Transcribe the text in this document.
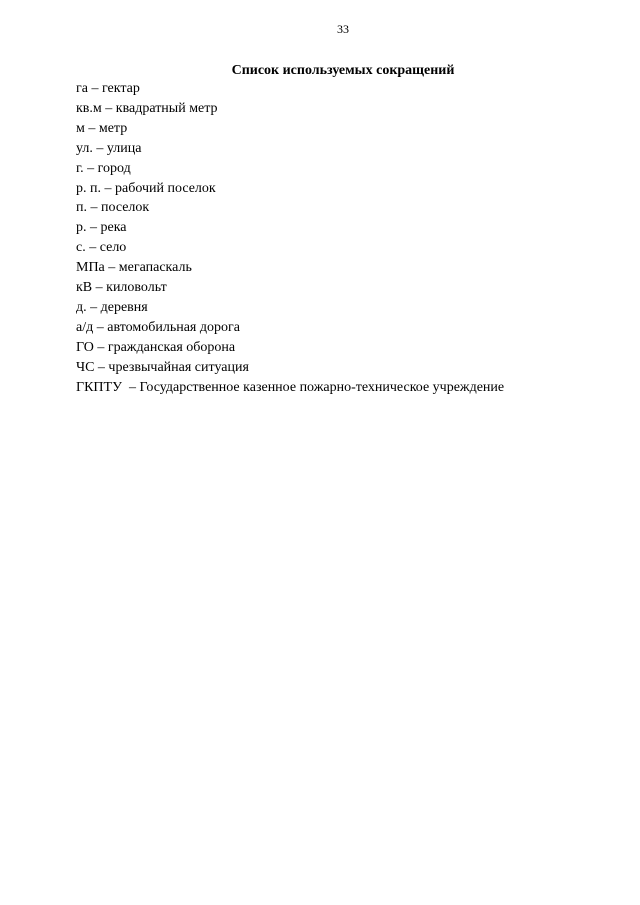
33
Список используемых сокращений
га – гектар
кв.м – квадратный метр
м – метр
ул. – улица
г. – город
р. п. – рабочий поселок
п. – поселок
р. – река
с. – село
МПа – мегапаскаль
кВ – киловольт
д. – деревня
а/д – автомобильная дорога
ГО – гражданская оборона
ЧС – чрезвычайная ситуация
ГКПТУ  – Государственное казенное пожарно-техническое учреждение
